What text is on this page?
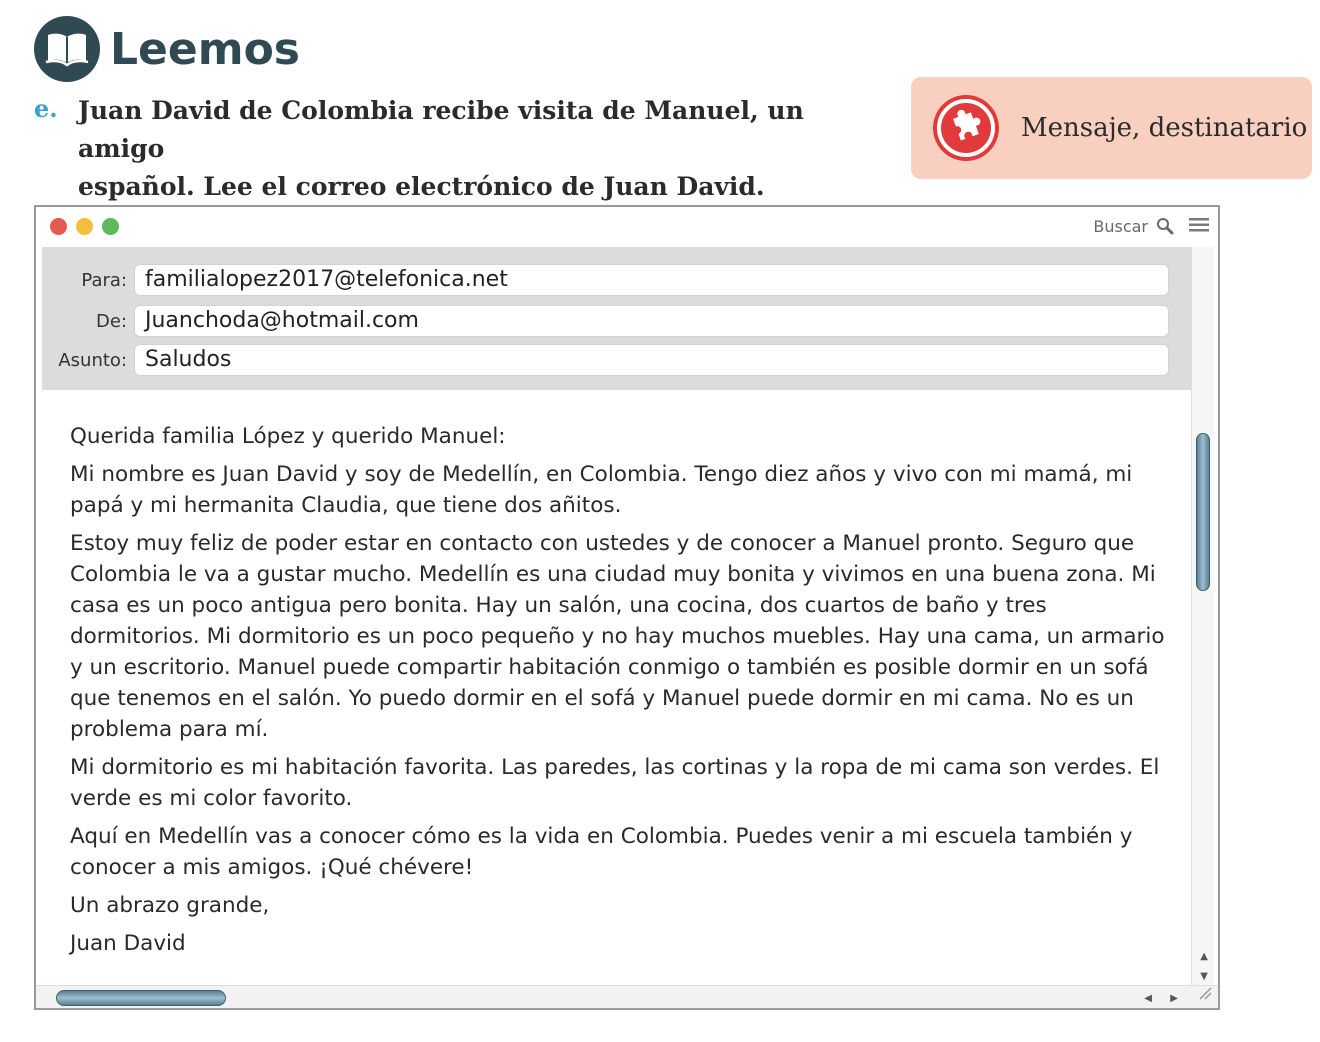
Leemos
e. Juan David de Colombia recibe visita de Manuel, un amigo
español. Lee el correo electrónico de Juan David.
Mensaje, destinatario
Buscar
Para: familialopez2017@telefonica.net
De: Juanchoda@hotmail.com
Asunto: Saludos

Querida familia López y querido Manuel:

Mi nombre es Juan David y soy de Medellín, en Colombia. Tengo diez años y vivo con mi mamá, mi papá y mi hermanita Claudia, que tiene dos añitos.

Estoy muy feliz de poder estar en contacto con ustedes y de conocer a Manuel pronto. Seguro que Colombia le va a gustar mucho. Medellín es una ciudad muy bonita y vivimos en una buena zona. Mi casa es un poco antigua pero bonita. Hay un salón, una cocina, dos cuartos de baño y tres dormitorios. Mi dormitorio es un poco pequeño y no hay muchos muebles. Hay una cama, un armario y un escritorio. Manuel puede compartir habitación conmigo o también es posible dormir en un sofá que tenemos en el salón. Yo puedo dormir en el sofá y Manuel puede dormir en mi cama. No es un problema para mí.

Mi dormitorio es mi habitación favorita. Las paredes, las cortinas y la ropa de mi cama son verdes. El verde es mi color favorito.

Aquí en Medellín vas a conocer cómo es la vida en Colombia. Puedes venir a mi escuela también y conocer a mis amigos. ¡Qué chévere!

Un abrazo grande,

Juan David

▲
▼
◀ ▶
